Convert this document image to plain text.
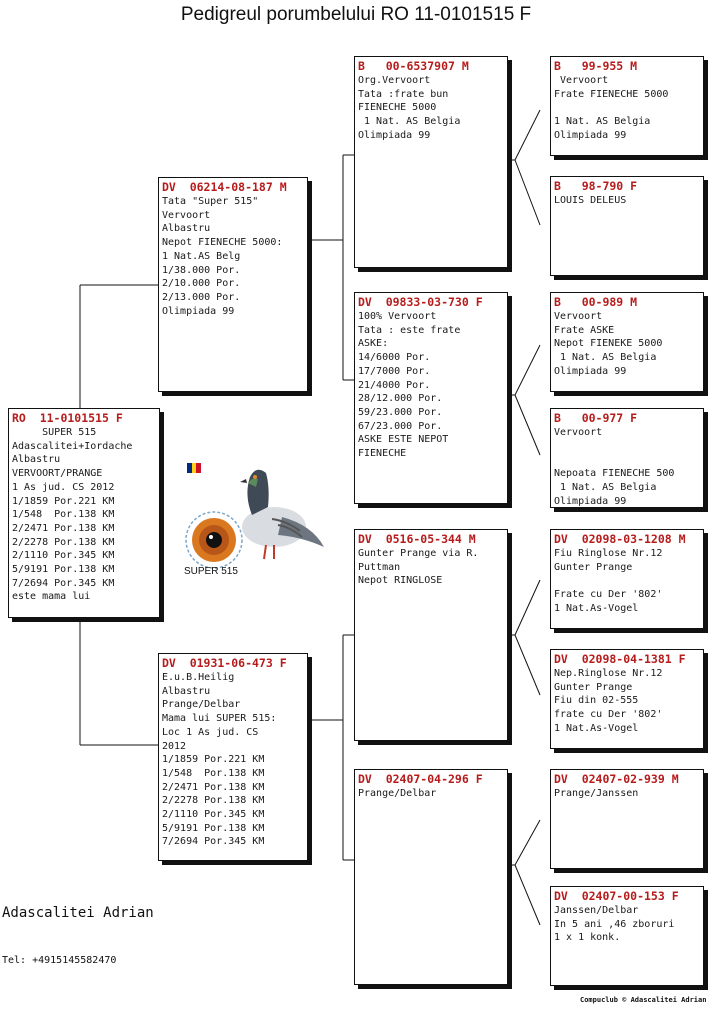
Pedigreul porumbelului RO 11-0101515 F
RO  11-0101515 F
SUPER 515
Adascalitei+Iordache
Albastru
VERVOORT/PRANGE
1 As jud. CS 2012
1/1859 Por.221 KM
1/548  Por.138 KM
2/2471 Por.138 KM
2/2278 Por.138 KM
2/1110 Por.345 KM
5/9191 Por.138 KM
7/2694 Por.345 KM
este mama lui
DV  06214-08-187 M
Tata "Super 515"
Vervoort
Albastru
Nepot FIENECHE 5000:
1 Nat.AS Belg
1/38.000 Por.
2/10.000 Por.
2/13.000 Por.
Olimpiada 99
DV  01931-06-473 F
E.u.B.Heilig
Albastru
Prange/Delbar
Mama lui SUPER 515:
Loc 1 As jud. CS
2012
1/1859 Por.221 KM
1/548  Por.138 KM
2/2471 Por.138 KM
2/2278 Por.138 KM
2/1110 Por.345 KM
5/9191 Por.138 KM
7/2694 Por.345 KM
B   00-6537907 M
Org.Vervoort
Tata :frate bun
FIENECHE 5000
1 Nat. AS Belgia
Olimpiada 99
DV  09833-03-730 F
100% Vervoort
Tata : este frate
ASKE:
14/6000 Por.
17/7000 Por.
21/4000 Por.
28/12.000 Por.
59/23.000 Por.
67/23.000 Por.
ASKE ESTE NEPOT
FIENECHE
DV  0516-05-344 M
Gunter Prange via R.
Puttman
Nepot RINGLOSE
DV  02407-04-296 F
Prange/Delbar
B   99-955 M
Vervoort
Frate FIENECHE 5000

1 Nat. AS Belgia
Olimpiada 99
B   98-790 F
LOUIS DELEUS
B   00-989 M
Vervoort
Frate ASKE
Nepot FIENEKE 5000
1 Nat. AS Belgia
Olimpiada 99
B   00-977 F
Vervoort

Nepoata FIENECHE 500
1 Nat. AS Belgia
Olimpiada 99
DV  02098-03-1208 M
Fiu Ringlose Nr.12
Gunter Prange

Frate cu Der '802'
1 Nat.As-Vogel
DV  02098-04-1381 F
Nep.Ringlose Nr.12
Gunter Prange
Fiu din 02-555
frate cu Der '802'
1 Nat.As-Vogel
DV  02407-02-939 M
Prange/Janssen
DV  02407-00-153 F
Janssen/Delbar
In 5 ani ,46 zboruri
1 x 1 konk.
SUPER 515
Adascalitei Adrian
Tel: +4915145582470
Compuclub © Adascalitei Adrian
